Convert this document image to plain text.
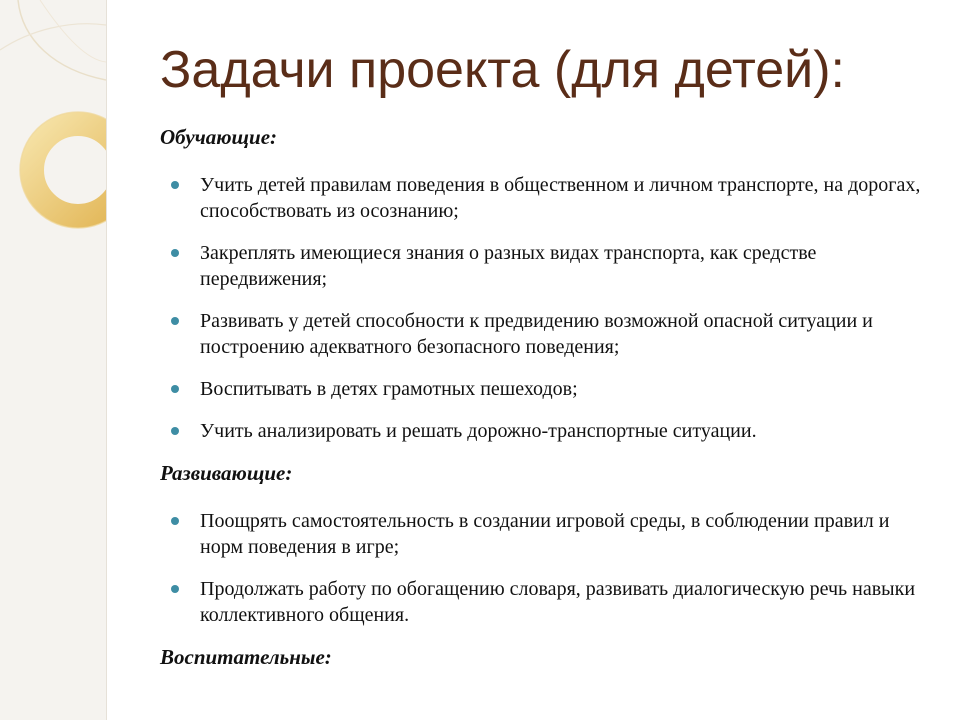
Задачи проекта (для детей):
Обучающие:
Учить детей правилам поведения в общественном и личном транспорте, на дорогах, способствовать из осознанию;
Закреплять имеющиеся знания о разных видах транспорта, как средстве передвижения;
Развивать у детей способности к предвидению возможной опасной ситуации и построению адекватного безопасного поведения;
Воспитывать в детях грамотных пешеходов;
Учить анализировать и решать дорожно-транспортные ситуации.
Развивающие:
Поощрять самостоятельность в создании игровой среды, в соблюдении правил и норм поведения в игре;
Продолжать работу по обогащению словаря, развивать диалогическую речь навыки коллективного общения.
Воспитательные:
